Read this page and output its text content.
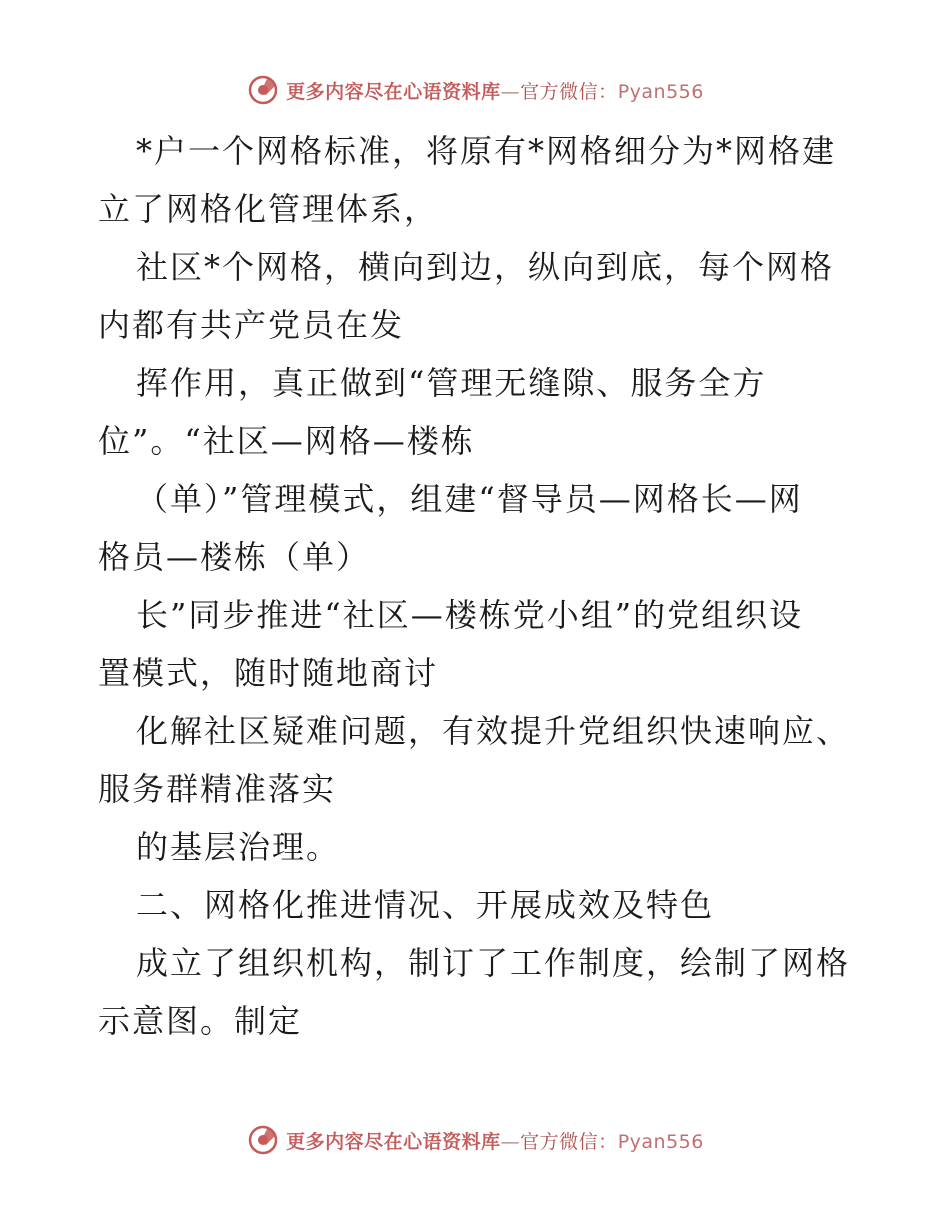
更多内容尽在心语资料库—官方微信：Pyan556
*户一个网格标准，将原有*网格细分为*网格建
立了网格化管理体系，
社区*个网格，横向到边，纵向到底，每个网格
内都有共产党员在发
挥作用，真正做到“管理无缝隙、服务全方
位”。“社区—网格—楼栋
（单）”管理模式，组建“督导员—网格长—网
格员—楼栋（单）
长”同步推进“社区—楼栋党小组”的党组织设
置模式，随时随地商讨
化解社区疑难问题，有效提升党组织快速响应、
服务群精准落实
的基层治理。
二、网格化推进情况、开展成效及特色
成立了组织机构，制订了工作制度，绘制了网格
示意图。制定
更多内容尽在心语资料库—官方微信：Pyan556
